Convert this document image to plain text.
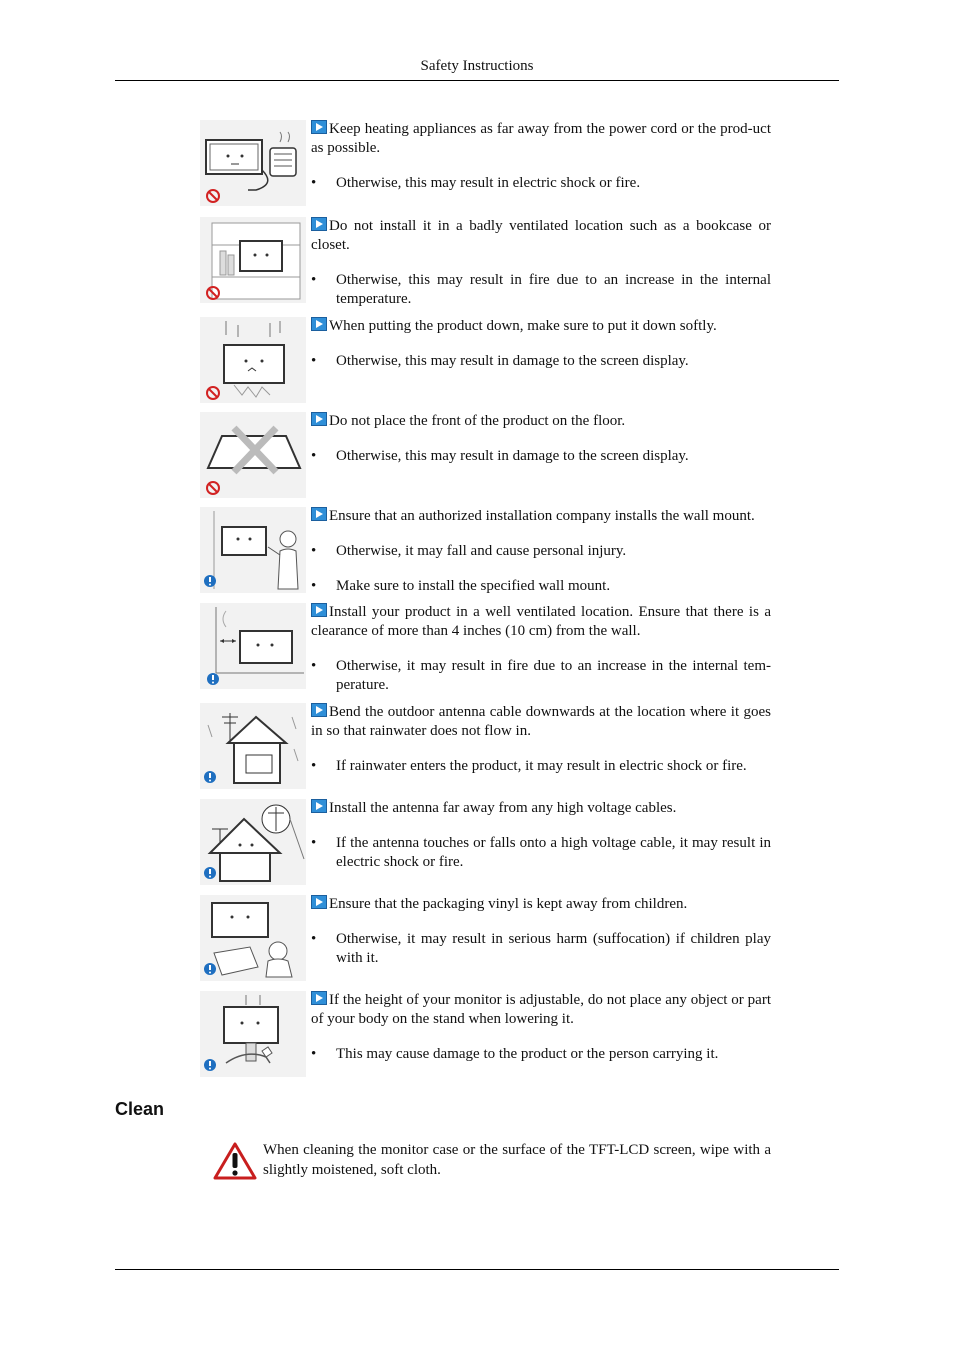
Safety Instructions
Keep heating appliances as far away from the power cord or the prod-uct as possible.
• Otherwise, this may result in electric shock or fire.
Do not install it in a badly ventilated location such as a bookcase or closet.
• Otherwise, this may result in fire due to an increase in the internal temperature.
When putting the product down, make sure to put it down softly.
• Otherwise, this may result in damage to the screen display.
Do not place the front of the product on the floor.
• Otherwise, this may result in damage to the screen display.
Ensure that an authorized installation company installs the wall mount.
• Otherwise, it may fall and cause personal injury.
• Make sure to install the specified wall mount.
Install your product in a well ventilated location. Ensure that there is a clearance of more than 4 inches (10 cm) from the wall.
• Otherwise, it may result in fire due to an increase in the internal tem-perature.
Bend the outdoor antenna cable downwards at the location where it goes in so that rainwater does not flow in.
• If rainwater enters the product, it may result in electric shock or fire.
Install the antenna far away from any high voltage cables.
• If the antenna touches or falls onto a high voltage cable, it may result in electric shock or fire.
Ensure that the packaging vinyl is kept away from children.
• Otherwise, it may result in serious harm (suffocation) if children play with it.
If the height of your monitor is adjustable, do not place any object or part of your body on the stand when lowering it.
• This may cause damage to the product or the person carrying it.
Clean
When cleaning the monitor case or the surface of the TFT-LCD screen, wipe with a slightly moistened, soft cloth.
